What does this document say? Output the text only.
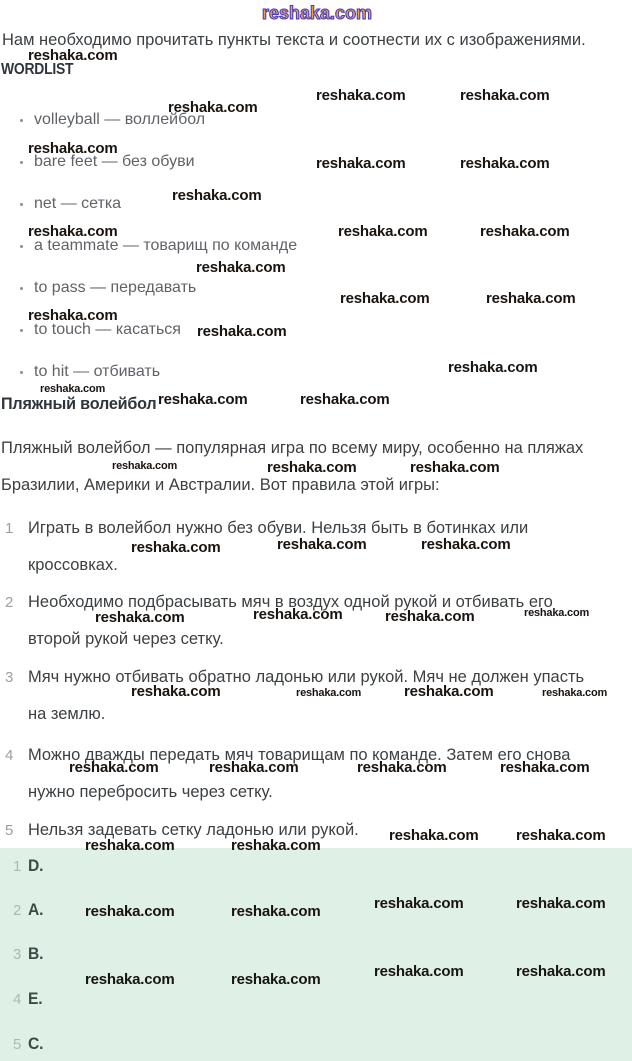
reshaka.com
Нам необходимо прочитать пункты текста и соотнести их с изображениями.
WORDLIST
volleyball — воллейбол
bare feet — без обуви
net — сетка
a teammate — товарищ по команде
to pass — передавать
to touch — касаться
to hit — отбивать
Пляжный волейбол
Пляжный волейбол — популярная игра по всему миру, особенно на пляжах Бразилии, Америки и Австралии. Вот правила этой игры:
1 Играть в волейбол нужно без обуви. Нельзя быть в ботинках или кроссовках.
2 Необходимо подбрасывать мяч в воздух одной рукой и отбивать его второй рукой через сетку.
3 Мяч нужно отбивать обратно ладонью или рукой. Мяч не должен упасть на землю.
4 Можно дважды передать мяч товарищам по команде. Затем его снова нужно перебросить через сетку.
5 Нельзя задевать сетку ладонью или рукой.
1 D.
2 A.
3 B.
4 E.
5 C.
reshaka.com
reshaka.com	reshaka.com
reshaka.com
reshaka.com
reshaka.com	reshaka.com
reshaka.com
reshaka.com	reshaka.com	reshaka.com
reshaka.com
reshaka.com	reshaka.com
reshaka.com
reshaka.com
reshaka.com
reshaka.com
reshaka.com	reshaka.com
reshaka.com	reshaka.com	reshaka.com
reshaka.com	reshaka.com	reshaka.com
reshaka.com	reshaka.com	reshaka.com	reshaka.com
reshaka.com	reshaka.com	reshaka.com	reshaka.com
reshaka.com	reshaka.com	reshaka.com	reshaka.com
reshaka.com reshaka.com
reshaka.com	reshaka.com
reshaka.com	reshaka.com
reshaka.com	reshaka.com
reshaka.com	reshaka.com
reshaka.com	reshaka.com
